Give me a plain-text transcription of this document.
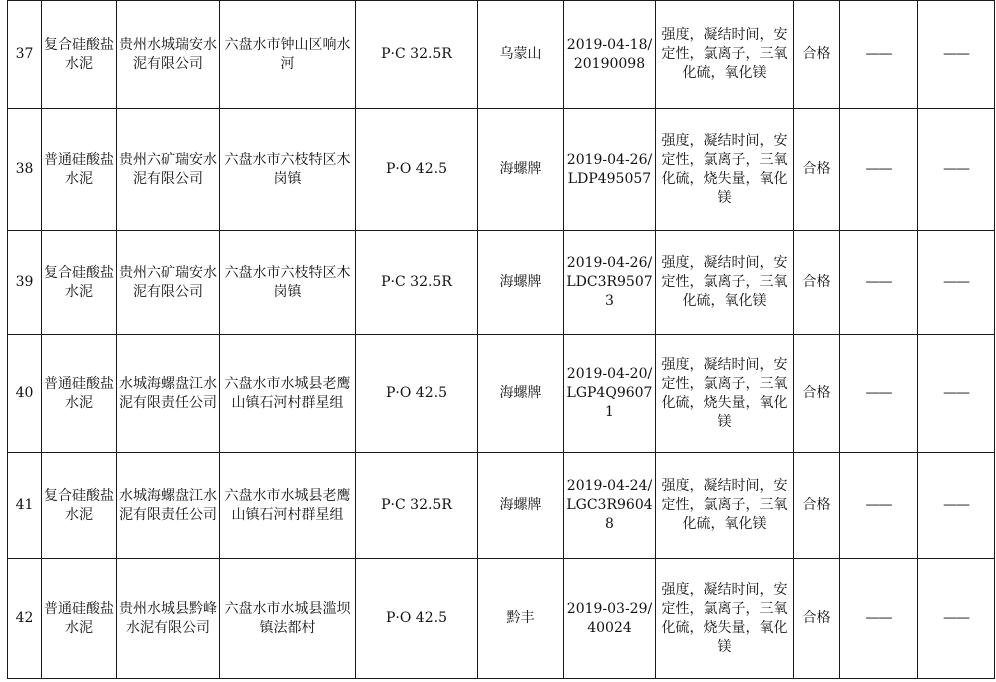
37	复合硅酸盐水泥	贵州水城瑞安水泥有限公司	六盘水市钟山区响水河	P·C 32.5R	乌蒙山	2019-04-18/20190098	强度，凝结时间，安定性，氯离子，三氧化硫，氧化镁	合格	——	——
38	普通硅酸盐水泥	贵州六矿瑞安水泥有限公司	六盘水市六枝特区木岗镇	P·O 42.5	海螺牌	2019-04-26/LDP495057	强度，凝结时间，安定性，氯离子，三氧化硫，烧失量，氧化镁	合格	——	——
39	复合硅酸盐水泥	贵州六矿瑞安水泥有限公司	六盘水市六枝特区木岗镇	P·C 32.5R	海螺牌	2019-04-26/LDC3R95073	强度，凝结时间，安定性，氯离子，三氧化硫，氧化镁	合格	——	——
40	普通硅酸盐水泥	水城海螺盘江水泥有限责任公司	六盘水市水城县老鹰山镇石河村群星组	P·O 42.5	海螺牌	2019-04-20/LGP4Q96071	强度，凝结时间，安定性，氯离子，三氧化硫，烧失量，氧化镁	合格	——	——
41	复合硅酸盐水泥	水城海螺盘江水泥有限责任公司	六盘水市水城县老鹰山镇石河村群星组	P·C 32.5R	海螺牌	2019-04-24/LGC3R96048	强度，凝结时间，安定性，氯离子，三氧化硫，氧化镁	合格	——	——
42	普通硅酸盐水泥	贵州水城县黔峰水泥有限公司	六盘水市水城县滥坝镇法都村	P·O 42.5	黔丰	2019-03-29/40024	强度，凝结时间，安定性，氯离子，三氧化硫，烧失量，氧化镁	合格	——	——
